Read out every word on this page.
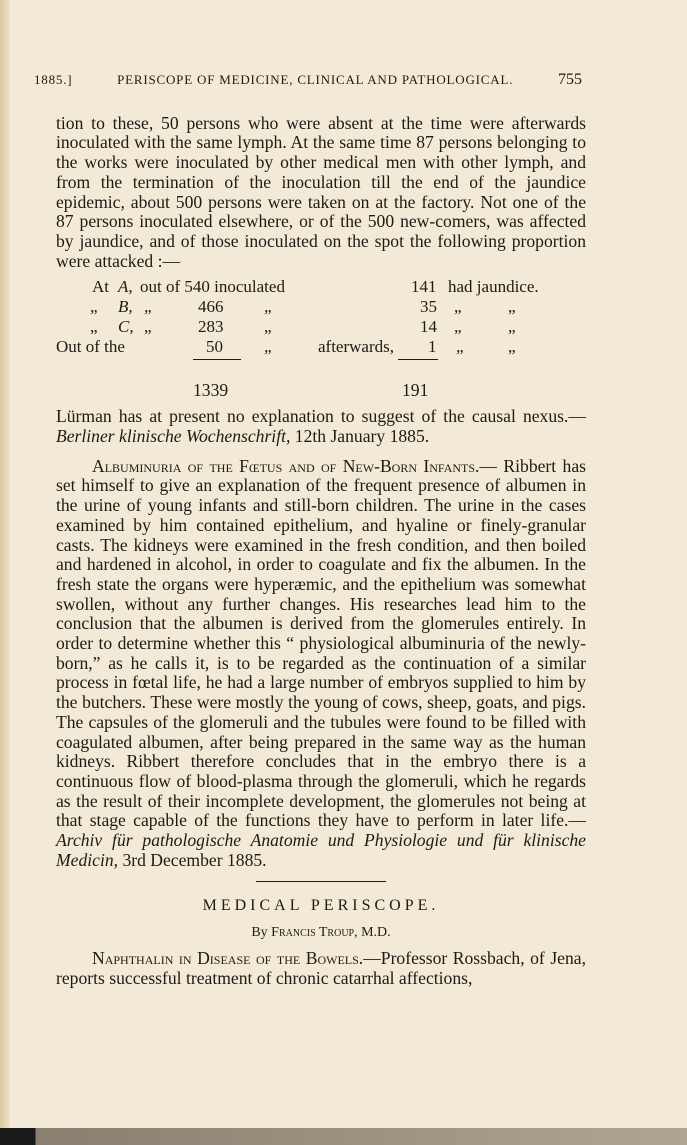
1885.]	PERISCOPE OF MEDICINE, CLINICAL AND PATHOLOGICAL.	755

tion to these, 50 persons who were absent at the time were afterwards inoculated with the same lymph. At the same time 87 persons belonging to the works were inoculated by other medical men with other lymph, and from the termination of the inoculation till the end of the jaundice epidemic, about 500 persons were taken on at the factory. Not one of the 87 persons inoculated elsewhere, or of the 500 new-comers, was affected by jaundice, and of those inoculated on the spot the following proportion were attacked :—

At A, out of 540 inoculated	141 had jaundice.
„ B, „	466 „	35 „	„
„ C, „	283 „	14 „	„
Out of the	50 „	afterwards, 1 „	„
1339	191

Lürman has at present no explanation to suggest of the causal nexus.—Berliner klinische Wochenschrift, 12th January 1885.

Albuminuria of the Fœtus and of New-Born Infants.— Ribbert has set himself to give an explanation of the frequent presence of albumen in the urine of young infants and still-born children. The urine in the cases examined by him contained epithelium, and hyaline or finely-granular casts. The kidneys were examined in the fresh condition, and then boiled and hardened in alcohol, in order to coagulate and fix the albumen. In the fresh state the organs were hyperæmic, and the epithelium was somewhat swollen, without any further changes. His researches lead him to the conclusion that the albumen is derived from the glomerules entirely. In order to determine whether this “ physiological albuminuria of the newly-born,” as he calls it, is to be regarded as the continuation of a similar process in fœtal life, he had a large number of embryos supplied to him by the butchers. These were mostly the young of cows, sheep, goats, and pigs. The capsules of the glomeruli and the tubules were found to be filled with coagulated albumen, after being prepared in the same way as the human kidneys. Ribbert therefore concludes that in the embryo there is a continuous flow of blood-plasma through the glomeruli, which he regards as the result of their incomplete development, the glomerules not being at that stage capable of the functions they have to perform in later life.—Archiv für pathologische Anatomie und Physiologie und für klinische Medicin, 3rd December 1885.

MEDICAL PERISCOPE.
By Francis Troup, M.D.

Naphthalin in Disease of the Bowels.—Professor Rossbach, of Jena, reports successful treatment of chronic catarrhal affections,
